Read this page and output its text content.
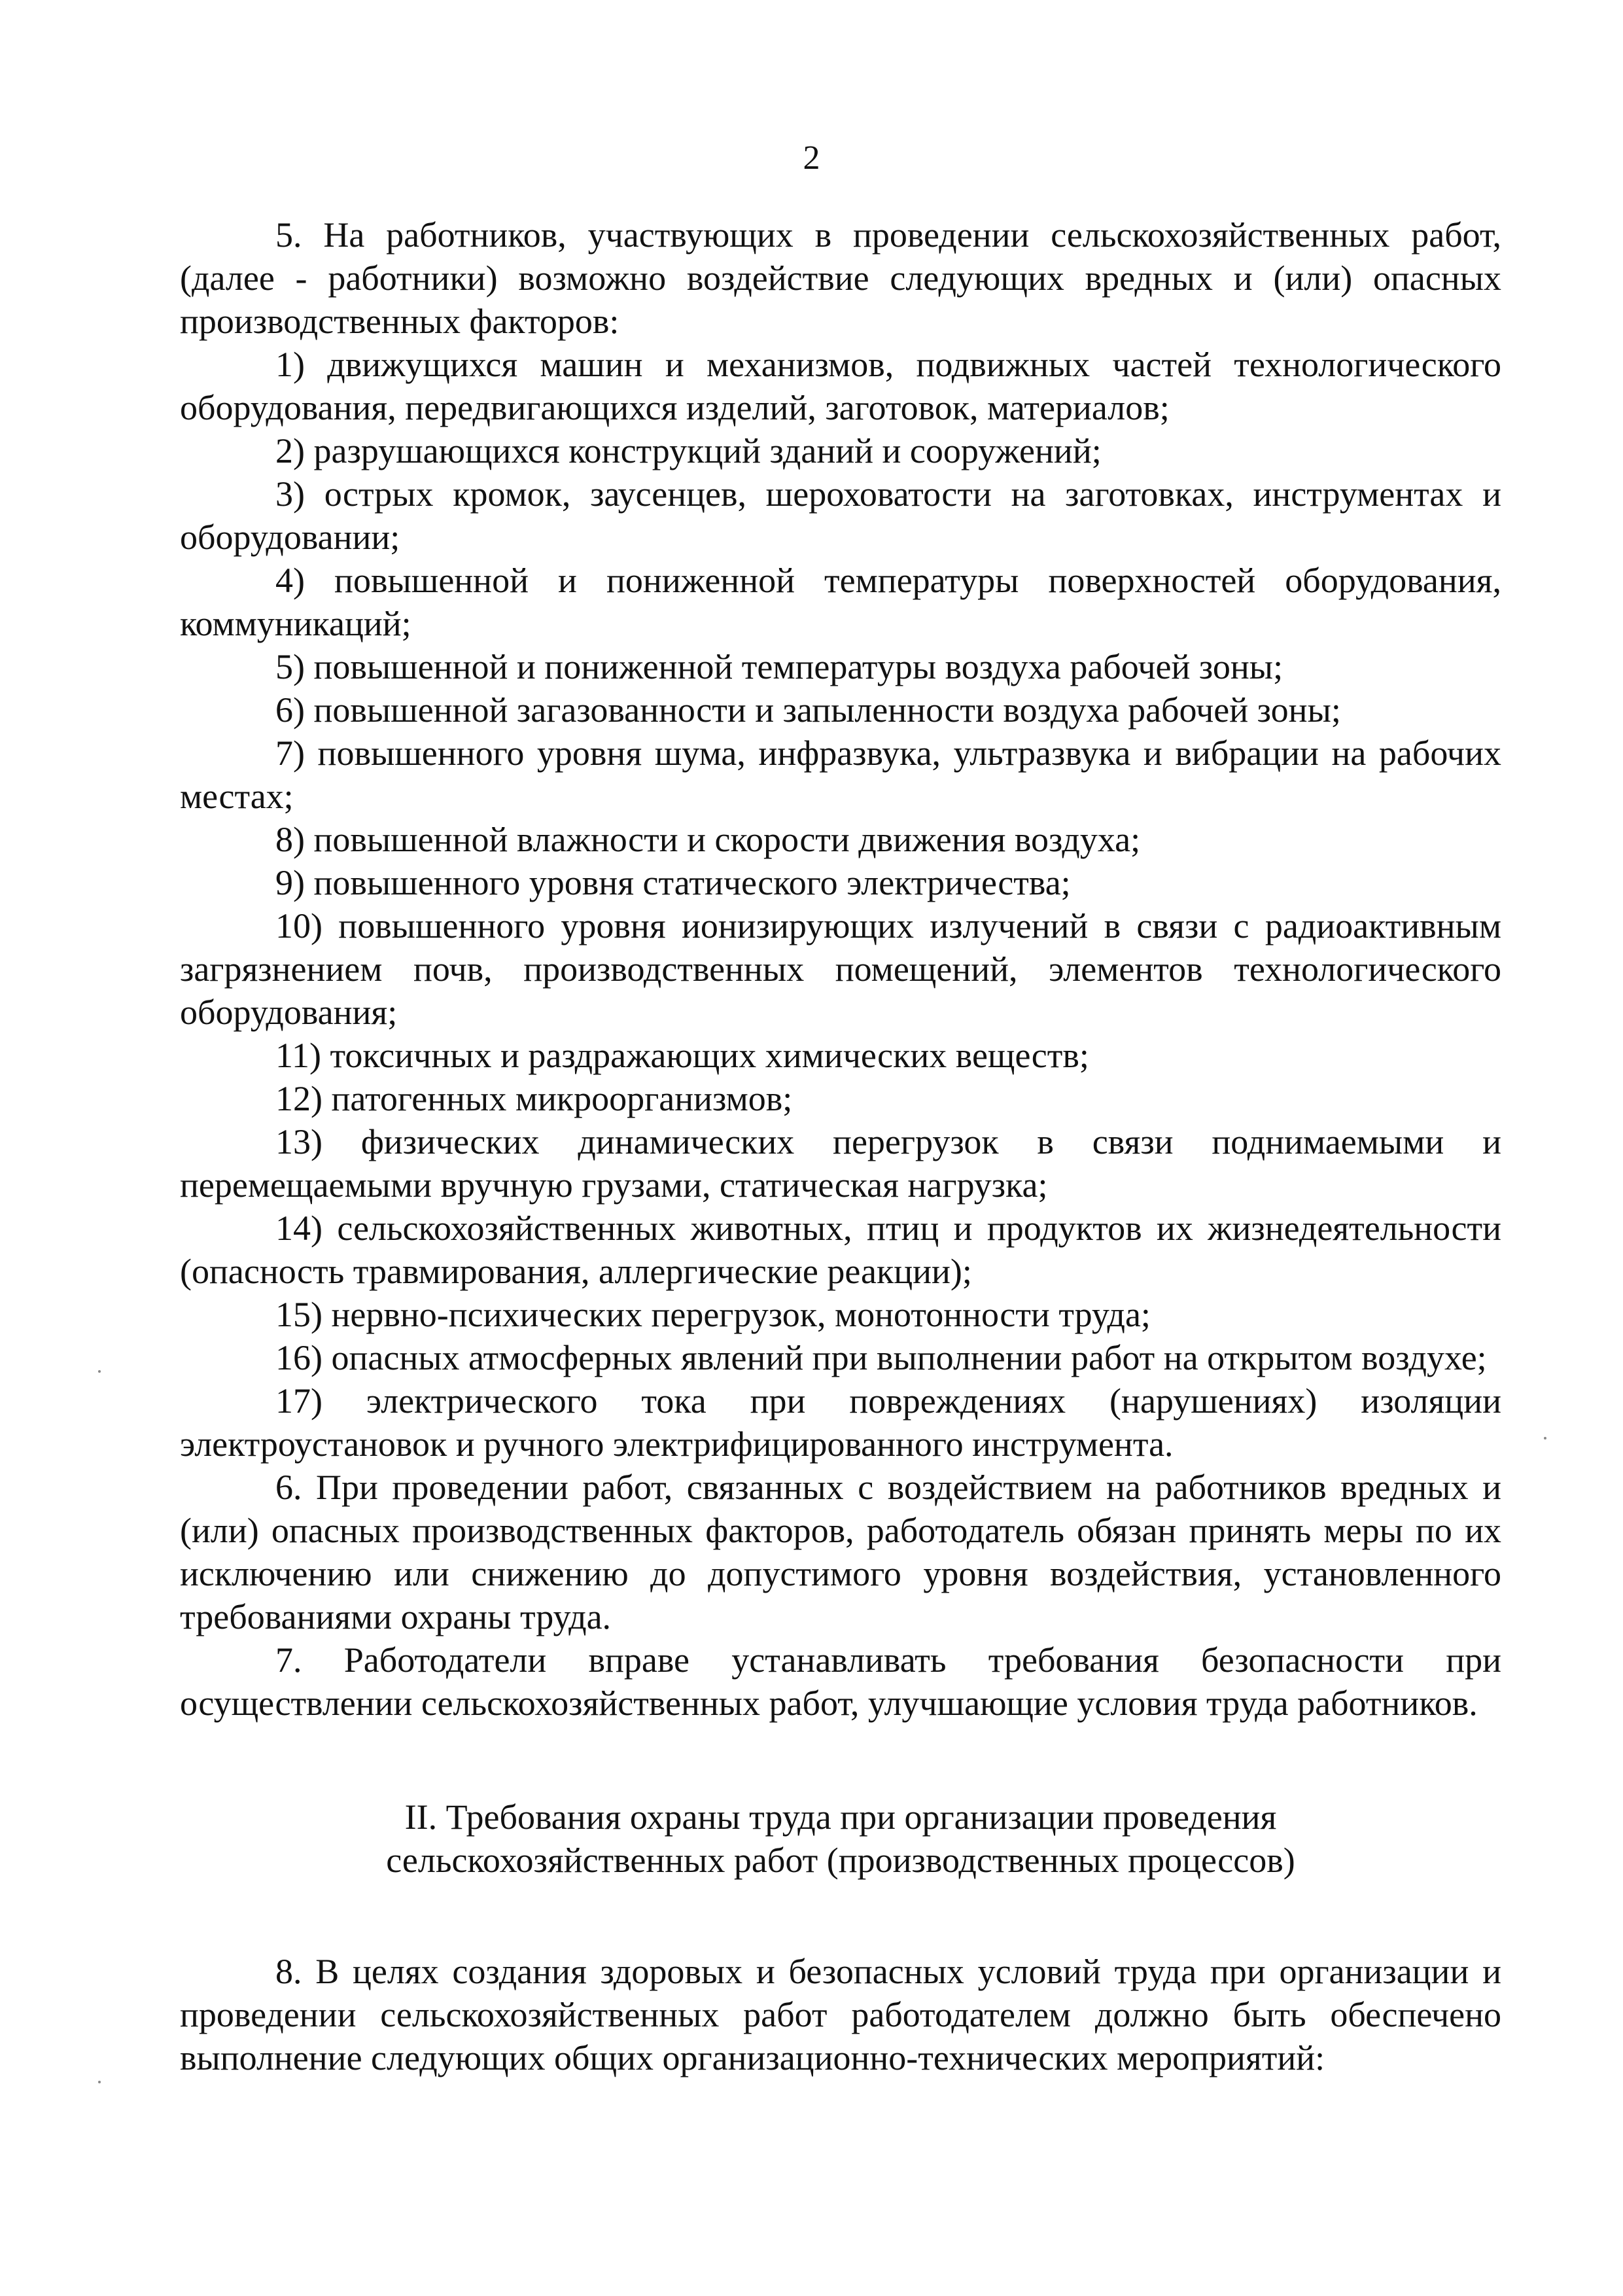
2

5. На работников, участвующих в проведении сельскохозяйственных работ, (далее - работники) возможно воздействие следующих вредных и (или) опасных производственных факторов:

1) движущихся машин и механизмов, подвижных частей технологического оборудования, передвигающихся изделий, заготовок, материалов;

2) разрушающихся конструкций зданий и сооружений;

3) острых кромок, заусенцев, шероховатости на заготовках, инструментах и оборудовании;

4) повышенной и пониженной температуры поверхностей оборудования, коммуникаций;

5) повышенной и пониженной температуры воздуха рабочей зоны;

6) повышенной загазованности и запыленности воздуха рабочей зоны;

7) повышенного уровня шума, инфразвука, ультразвука и вибрации на рабочих местах;

8) повышенной влажности и скорости движения воздуха;

9) повышенного уровня статического электричества;

10) повышенного уровня ионизирующих излучений в связи с радиоактивным загрязнением почв, производственных помещений, элементов технологического оборудования;

11) токсичных и раздражающих химических веществ;

12) патогенных микроорганизмов;

13) физических динамических перегрузок в связи поднимаемыми и перемещаемыми вручную грузами, статическая нагрузка;

14) сельскохозяйственных животных, птиц и продуктов их жизнедеятельности (опасность травмирования, аллергические реакции);

15) нервно-психических перегрузок, монотонности труда;

16) опасных атмосферных явлений при выполнении работ на открытом воздухе;

17) электрического тока при повреждениях (нарушениях) изоляции электроустановок и ручного электрифицированного инструмента.

6. При проведении работ, связанных с воздействием на работников вредных и (или) опасных производственных факторов, работодатель обязан принять меры по их исключению или снижению до допустимого уровня воздействия, установленного требованиями охраны труда.

7. Работодатели вправе устанавливать требования безопасности при осуществлении сельскохозяйственных работ, улучшающие условия труда работников.

II. Требования охраны труда при организации проведения
сельскохозяйственных работ (производственных процессов)

8. В целях создания здоровых и безопасных условий труда при организации и проведении сельскохозяйственных работ работодателем должно быть обеспечено выполнение следующих общих организационно-технических мероприятий:
